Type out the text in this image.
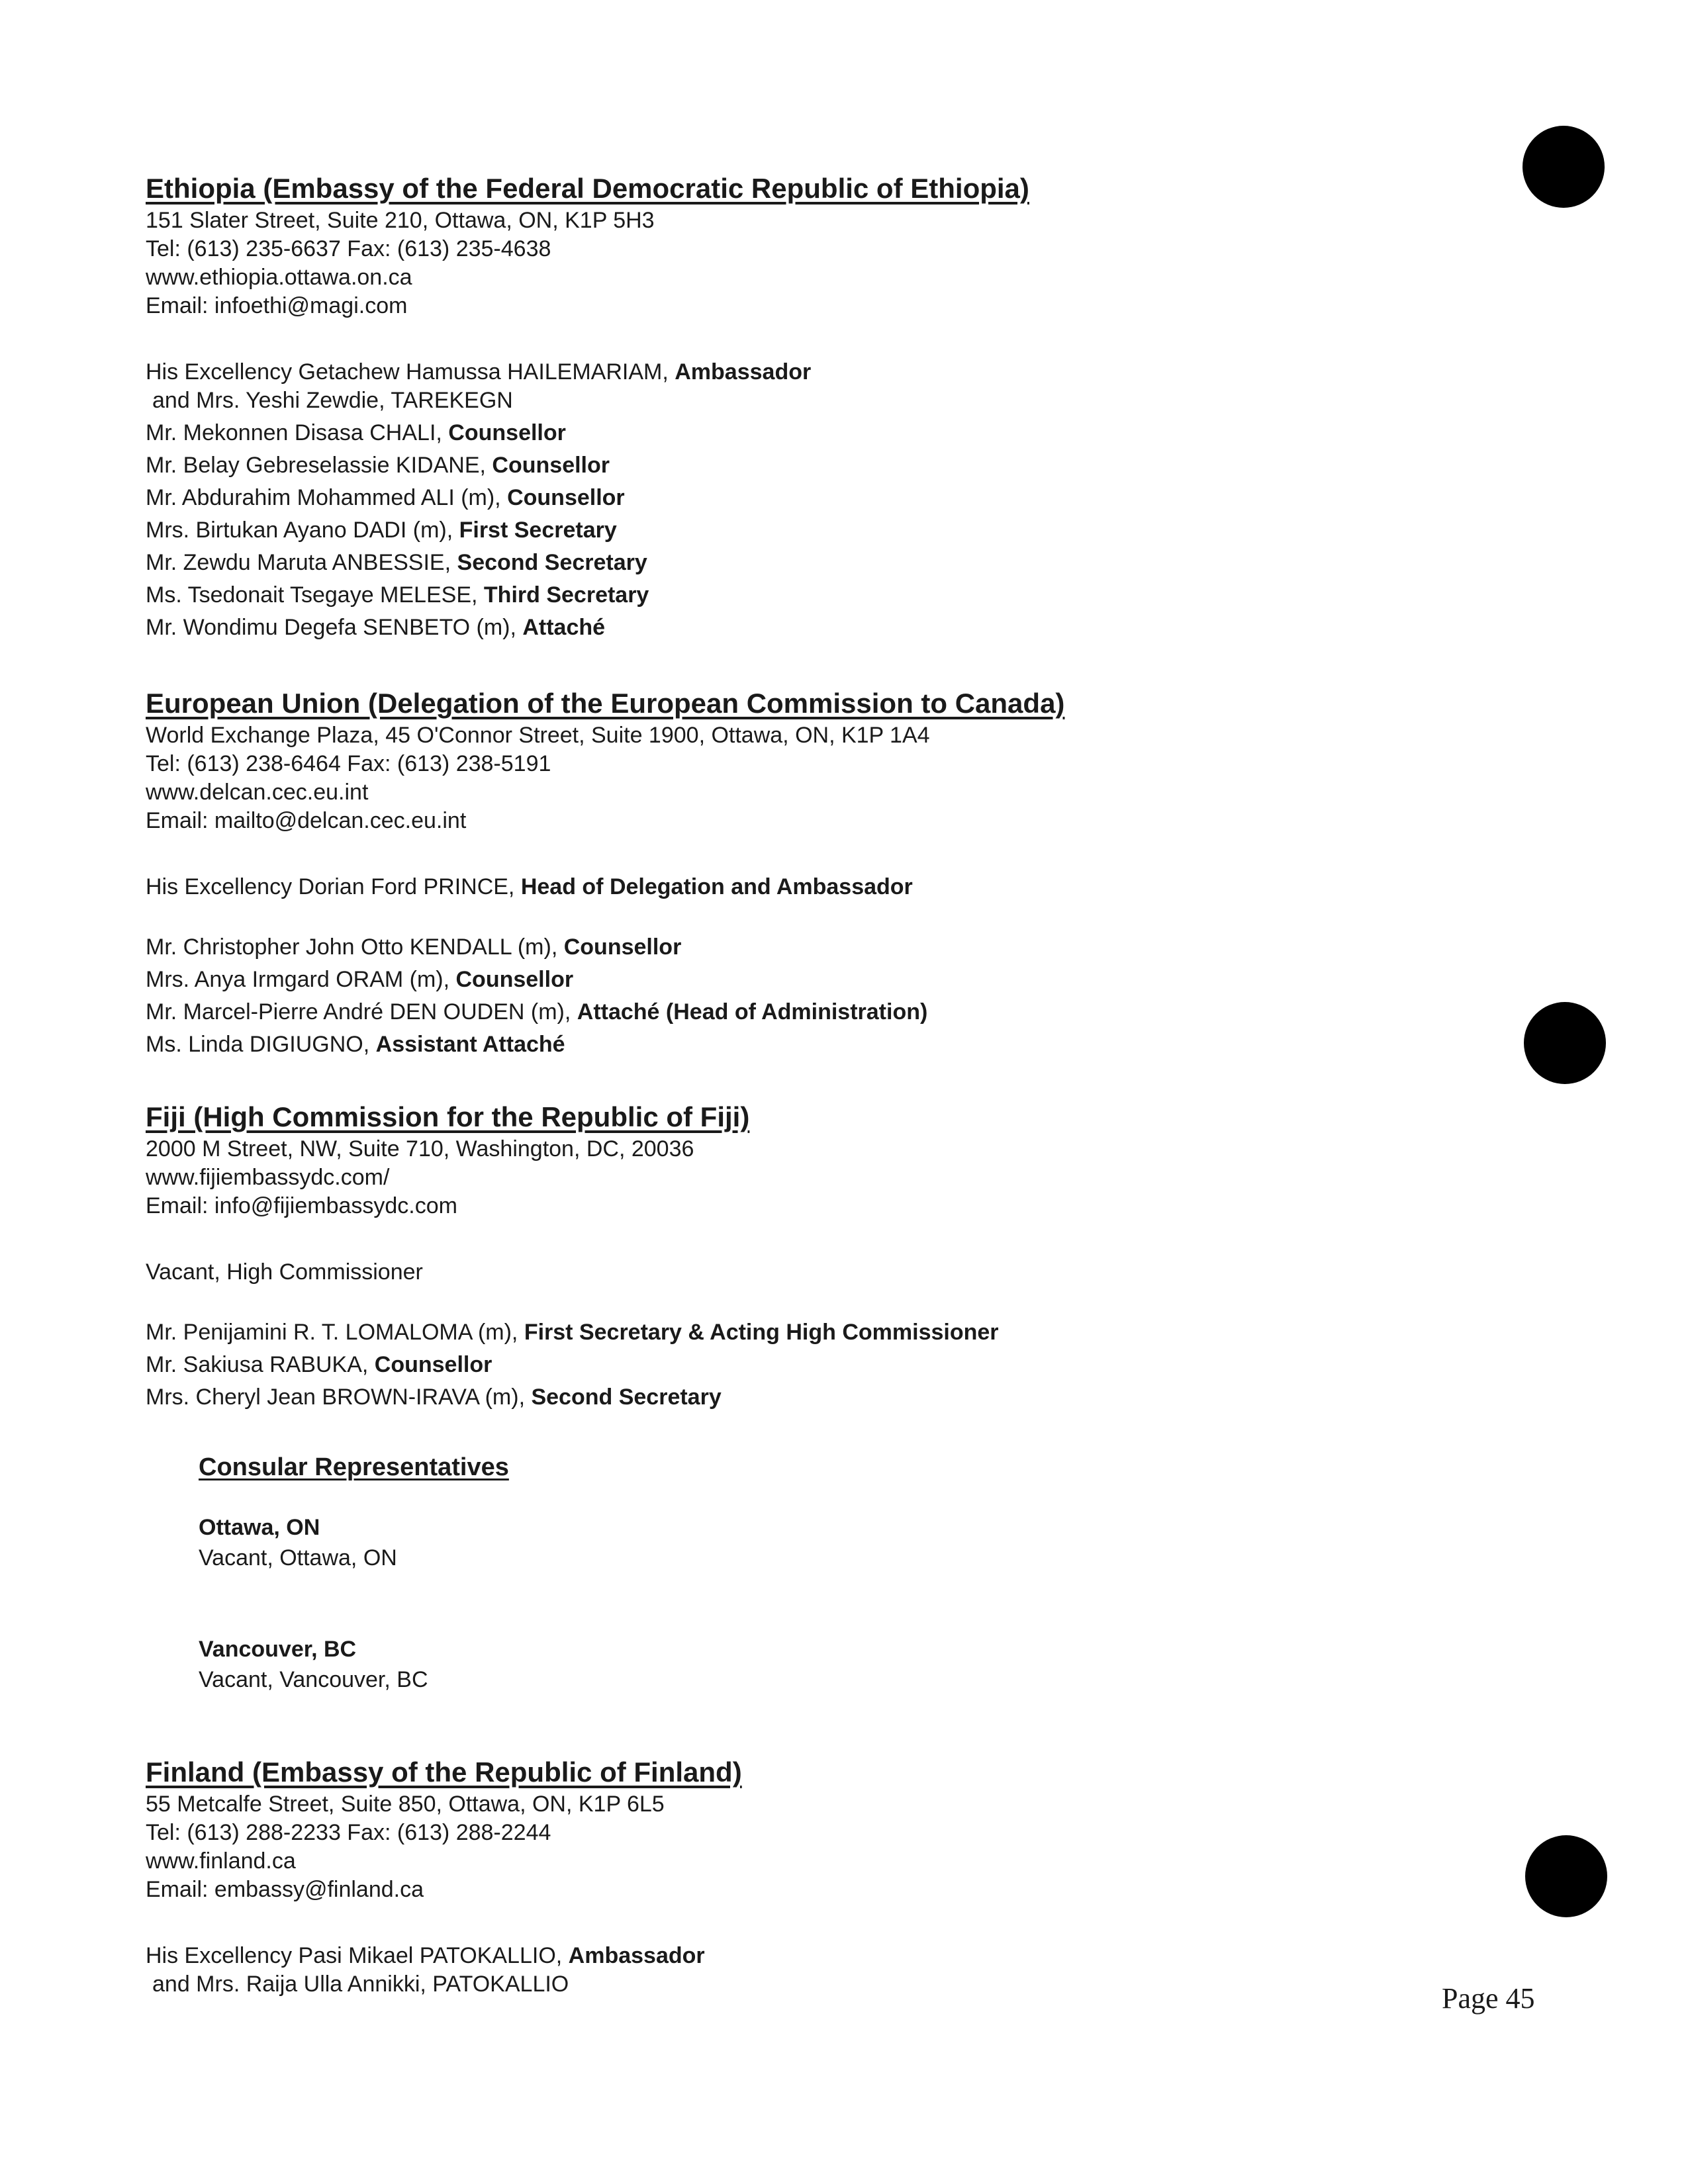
Ethiopia (Embassy of the Federal Democratic Republic of Ethiopia)
151 Slater Street, Suite 210, Ottawa, ON, K1P 5H3
Tel: (613) 235-6637 Fax: (613) 235-4638
www.ethiopia.ottawa.on.ca
Email: infoethi@magi.com
His Excellency Getachew Hamussa HAILEMARIAM, Ambassador
and Mrs. Yeshi Zewdie, TAREKEGN
Mr. Mekonnen Disasa CHALI, Counsellor
Mr. Belay Gebreselassie KIDANE, Counsellor
Mr. Abdurahim Mohammed ALI (m), Counsellor
Mrs. Birtukan Ayano DADI (m), First Secretary
Mr. Zewdu Maruta ANBESSIE, Second Secretary
Ms. Tsedonait Tsegaye MELESE, Third Secretary
Mr. Wondimu Degefa SENBETO (m), Attaché
European Union (Delegation of the European Commission to Canada)
World Exchange Plaza, 45 O'Connor Street, Suite 1900, Ottawa, ON, K1P 1A4
Tel: (613) 238-6464 Fax: (613) 238-5191
www.delcan.cec.eu.int
Email: mailto@delcan.cec.eu.int
His Excellency Dorian Ford PRINCE, Head of Delegation and Ambassador
Mr. Christopher John Otto KENDALL (m), Counsellor
Mrs. Anya Irmgard ORAM (m), Counsellor
Mr. Marcel-Pierre André DEN OUDEN (m), Attaché (Head of Administration)
Ms. Linda DIGIUGNO, Assistant Attaché
Fiji (High Commission for the Republic of Fiji)
2000 M Street, NW, Suite 710, Washington, DC, 20036
www.fijiembassydc.com/
Email: info@fijiembassydc.com
Vacant, High Commissioner
Mr. Penijamini R. T. LOMALOMA (m), First Secretary & Acting High Commissioner
Mr. Sakiusa RABUKA, Counsellor
Mrs. Cheryl Jean BROWN-IRAVA (m), Second Secretary
Consular Representatives
Ottawa, ON
Vacant, Ottawa, ON
Vancouver, BC
Vacant, Vancouver, BC
Finland (Embassy of the Republic of Finland)
55 Metcalfe Street, Suite 850, Ottawa, ON, K1P 6L5
Tel: (613) 288-2233 Fax: (613) 288-2244
www.finland.ca
Email: embassy@finland.ca
His Excellency Pasi Mikael PATOKALLIO, Ambassador
and Mrs. Raija Ulla Annikki, PATOKALLIO	Page 45
